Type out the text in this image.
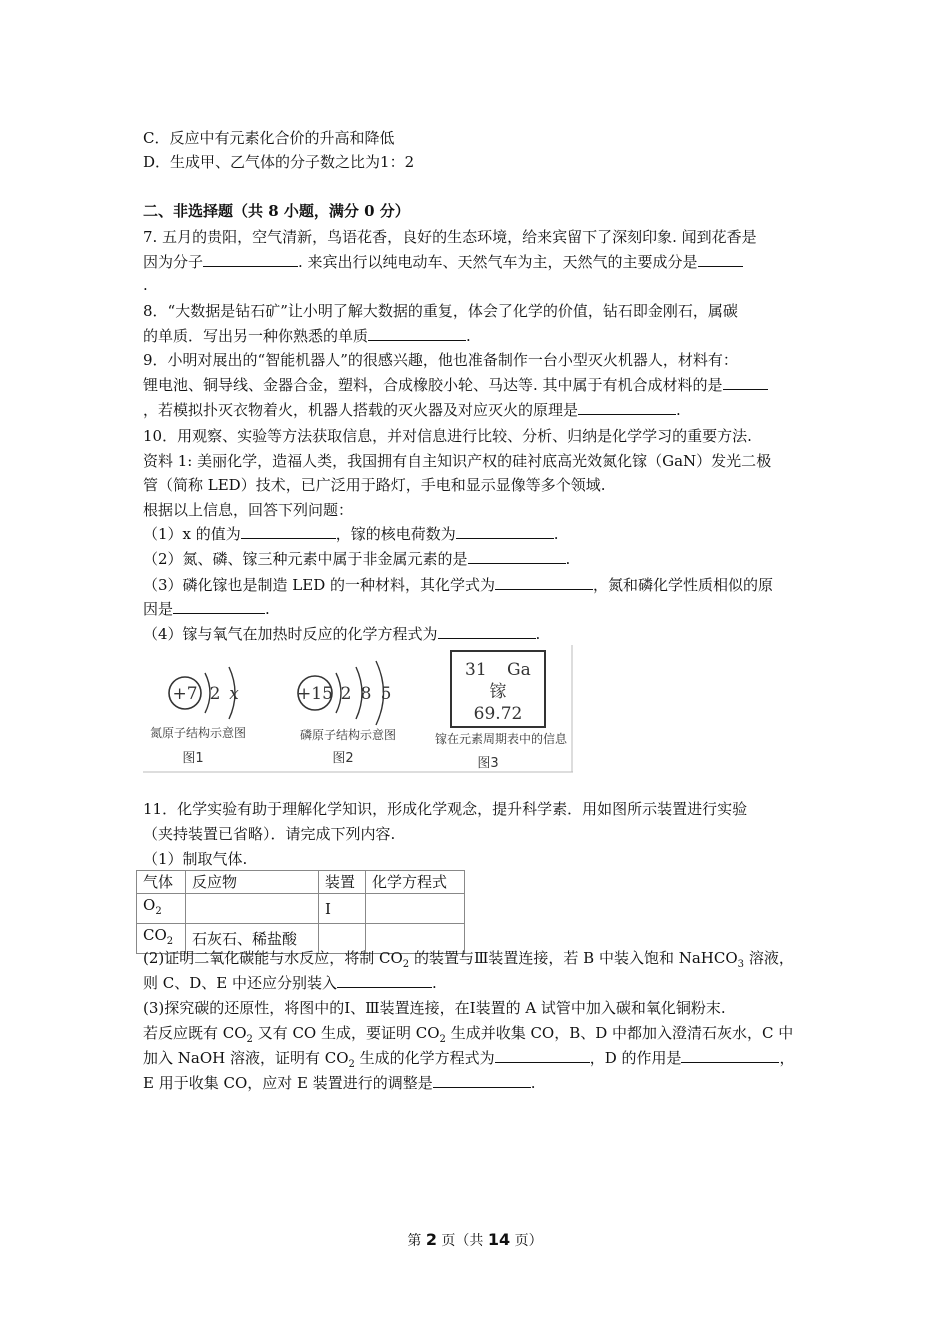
C．反应中有元素化合价的升高和降低
D．生成甲、乙气体的分子数之比为1：2
二、非选择题（共 8 小题，满分 0 分）
7. 五月的贵阳，空气清新，鸟语花香，良好的生态环境，给来宾留下了深刻印象. 闻到花香是
因为分子	. 来宾出行以纯电动车、天然气车为主，天然气的主要成分是
.
8．“大数据是钻石矿”让小明了解大数据的重复，体会了化学的价值，钻石即金刚石，属碳
的单质．写出另一种你熟悉的单质	.
9．小明对展出的“智能机器人”的很感兴趣，他也准备制作一台小型灭火机器人，材料有：
锂电池、铜导线、金器合金，塑料，合成橡胶小轮、马达等. 其中属于有机合成材料的是
，若模拟扑灭衣物着火，机器人搭载的灭火器及对应灭火的原理是	.
10．用观察、实验等方法获取信息，并对信息进行比较、分析、归纳是化学学习的重要方法.
资料 1: 美丽化学，造福人类，我国拥有自主知识产权的硅衬底高光效氮化镓（GaN）发光二极
管（简称 LED）技术，已广泛用于路灯，手电和显示显像等多个领域.
根据以上信息，回答下列问题：
（1）x 的值为	，镓的核电荷数为	.
（2）氮、磷、镓三种元素中属于非金属元素的是	.
（3）磷化镓也是制造 LED 的一种材料，其化学式为	，氮和磷化学性质相似的原
因是	.
（4）镓与氧气在加热时反应的化学方程式为	.
+7 2 x
氮原子结构示意图
图1
+15 2 8 5
磷原子结构示意图
图2
31 Ga
镓
69.72
镓在元素周期表中的信息
图3
11．化学实验有助于理解化学知识，形成化学观念，提升科学素．用如图所示装置进行实验
（夹持装置已省略）．请完成下列内容.
（1）制取气体.
气体	反应物	装置	化学方程式
$O_2$		Ⅰ	
$CO_2$	石灰石、稀盐酸		
(2)证明二氧化碳能与水反应，将制 $CO_2$ 的装置与Ⅲ装置连接，若 B 中装入饱和 NaHCO$_3$ 溶液，
则 C、D、E 中还应分别装入	.
(3)探究碳的还原性，将图中的Ⅰ、Ⅲ装置连接，在Ⅰ装置的 A 试管中加入碳和氧化铜粉末.
若反应既有 $CO_2$ 又有 CO 生成，要证明 $CO_2$ 生成并收集 CO，B、D 中都加入澄清石灰水，C 中
加入 NaOH 溶液，证明有 $CO_2$ 生成的化学方程式为	，D 的作用是	，
E 用于收集 CO，应对 E 装置进行的调整是	.
第 2 页（共 14 页）
